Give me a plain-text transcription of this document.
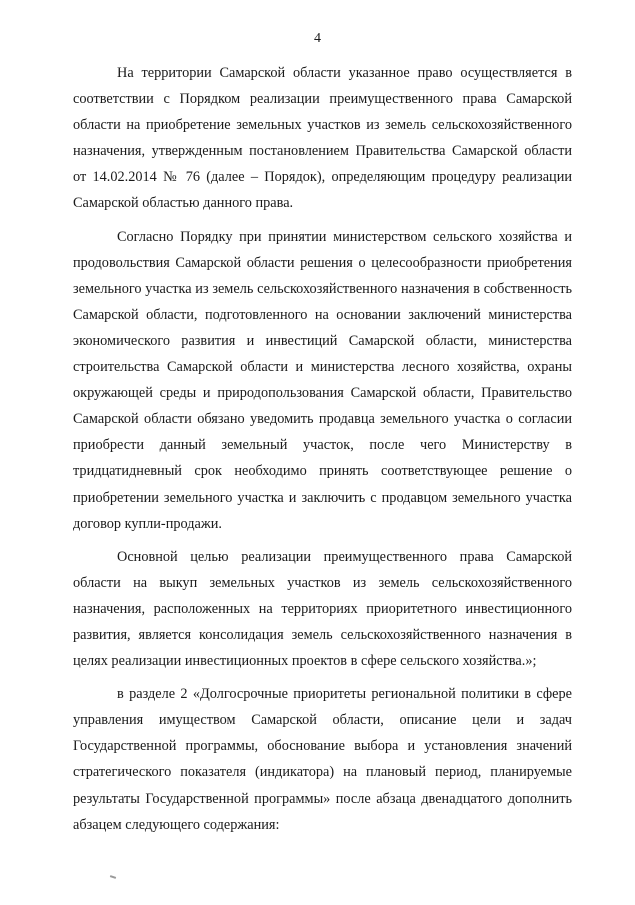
4

На территории Самарской области указанное право осуществляется в соответствии с Порядком реализации преимущественного права Самарской области на приобретение земельных участков из земель сельскохозяйственного назначения, утвержденным постановлением Правительства Самарской области от 14.02.2014 № 76 (далее – Порядок), определяющим процедуру реализации Самарской областью данного права.

Согласно Порядку при принятии министерством сельского хозяйства и продовольствия Самарской области решения о целесообразности приобретения земельного участка из земель сельскохозяйственного назначения в собственность Самарской области, подготовленного на основании заключений министерства экономического развития и инвестиций Самарской области, министерства строительства Самарской области и министерства лесного хозяйства, охраны окружающей среды и природопользования Самарской области, Правительство Самарской области обязано уведомить продавца земельного участка о согласии приобрести данный земельный участок, после чего Министерству в тридцатидневный срок необходимо принять соответствующее решение о приобретении земельного участка и заключить с продавцом земельного участка договор купли-продажи.

Основной целью реализации преимущественного права Самарской области на выкуп земельных участков из земель сельскохозяйственного назначения, расположенных на территориях приоритетного инвестиционного развития, является консолидация земель сельскохозяйственного назначения в целях реализации инвестиционных проектов в сфере сельского хозяйства.»;

в разделе 2 «Долгосрочные приоритеты региональной политики в сфере управления имуществом Самарской области, описание цели и задач Государственной программы, обоснование выбора и установления значений стратегического показателя (индикатора) на плановый период, планируемые результаты Государственной программы» после абзаца двенадцатого дополнить абзацем следующего содержания:
